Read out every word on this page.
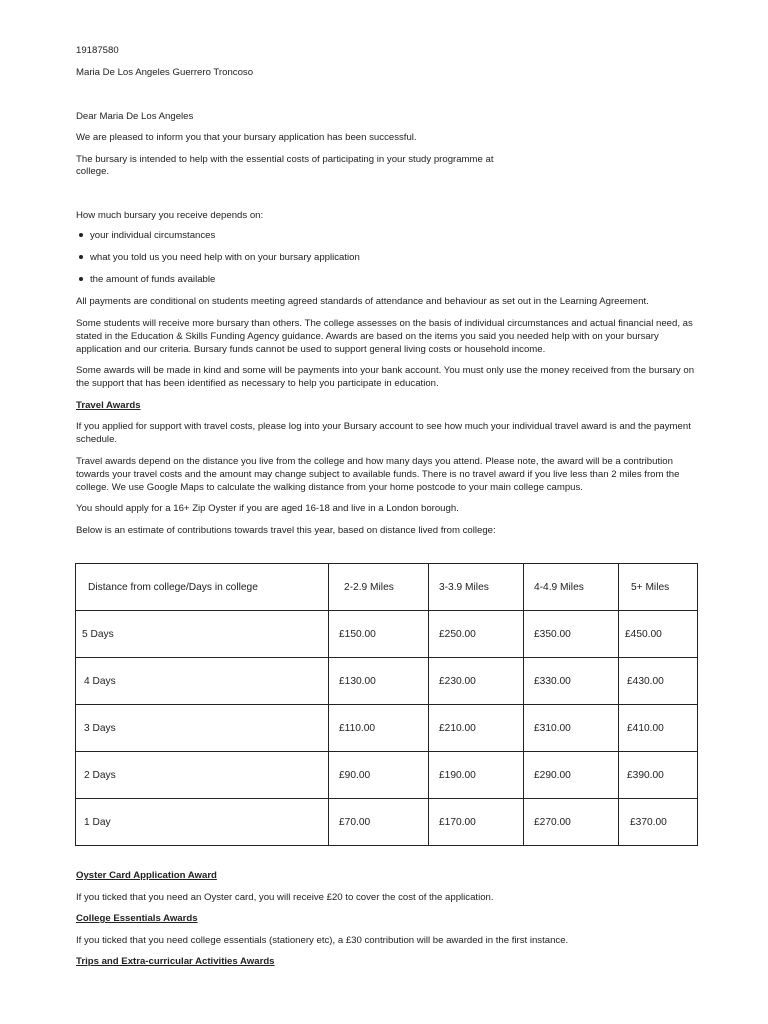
19187580

Maria De Los Angeles Guerrero Troncoso

Dear Maria De Los Angeles

We are pleased to inform you that your bursary application has been successful.

The bursary is intended to help with the essential costs of participating in your study programme at

college.

How much bursary you receive depends on:

your individual circumstances
what you told us you need help with on your bursary application
the amount of funds available

All payments are conditional on students meeting agreed standards of attendance and behaviour as set out in the Learning Agreement.

Some students will receive more bursary than others. The college assesses on the basis of individual circumstances and actual financial need, as stated in the Education & Skills Funding Agency guidance. Awards are based on the items you said you needed help with on your bursary application and our criteria. Bursary funds cannot be used to support general living costs or household income.

Some awards will be made in kind and some will be payments into your bank account. You must only use the money received from the bursary on the support that has been identified as necessary to help you participate in education.

Travel Awards

If you applied for support with travel costs, please log into your Bursary account to see how much your individual travel award is and the payment schedule.

Travel awards depend on the distance you live from the college and how many days you attend. Please note, the award will be a contribution towards your travel costs and the amount may change subject to available funds. There is no travel award if you live less than 2 miles from the college. We use Google Maps to calculate the walking distance from your home postcode to your main college campus.

You should apply for a 16+ Zip Oyster if you are aged 16-18 and live in a London borough.

Below is an estimate of contributions towards travel this year, based on distance lived from college:

Distance from college/Days in college	2-2.9 Miles	3-3.9 Miles	4-4.9 Miles	5+ Miles
5 Days	£150.00	£250.00	£350.00	£450.00
4 Days	£130.00	£230.00	£330.00	£430.00
3 Days	£110.00	£210.00	£310.00	£410.00
2 Days	£90.00	£190.00	£290.00	£390.00
1 Day	£70.00	£170.00	£270.00	£370.00

Oyster Card Application Award

If you ticked that you need an Oyster card, you will receive £20 to cover the cost of the application.

College Essentials Awards

If you ticked that you need college essentials (stationery etc), a £30 contribution will be awarded in the first instance.

Trips and Extra-curricular Activities Awards
